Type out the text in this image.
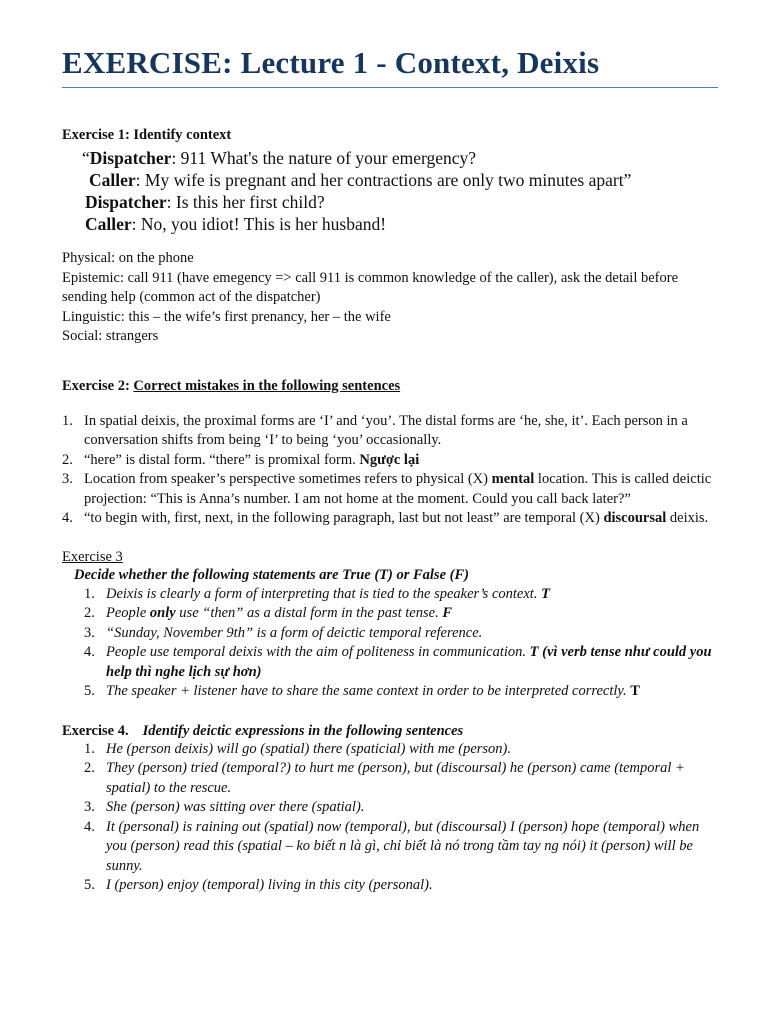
EXERCISE: Lecture 1 - Context, Deixis
Exercise 1: Identify context
“Dispatcher: 911 What's the nature of your emergency?
Caller: My wife is pregnant and her contractions are only two minutes apart”
Dispatcher: Is this her first child?
Caller: No, you idiot! This is her husband!
Physical: on the phone
Epistemic: call 911 (have emegency => call 911 is common knowledge of the caller), ask the detail before sending help (common act of the dispatcher)
Linguistic: this – the wife’s first prenancy, her – the wife
Social: strangers
Exercise 2: Correct mistakes in the following sentences
1. In spatial deixis, the proximal forms are ‘I’ and ‘you’. The distal forms are ‘he, she, it’. Each person in a conversation shifts from being ‘I’ to being ‘you’ occasionally.
2. “here” is distal form. “there” is promixal form. Ngược lại
3. Location from speaker’s perspective sometimes refers to physical (X) mental location. This is called deictic projection: “This is Anna’s number. I am not home at the moment. Could you call back later?”
4. “to begin with, first, next, in the following paragraph, last but not least” are temporal (X) discoursal deixis.
Exercise 3
Decide whether the following statements are True (T) or False (F)
1. Deixis is clearly a form of interpreting that is tied to the speaker’s context. T
2. People only use “then” as a distal form in the past tense. F
3. “Sunday, November 9th” is a form of deictic temporal reference.
4. People use temporal deixis with the aim of politeness in communication. T (vì verb tense như could you help thì nghe lịch sự hơn)
5. The speaker + listener have to share the same context in order to be interpreted correctly. T
Exercise 4. Identify deictic expressions in the following sentences
1. He (person deixis) will go (spatial) there (spaticial) with me (person).
2. They (person) tried (temporal?) to hurt me (person), but (discoursal) he (person) came (temporal + spatial) to the rescue.
3. She (person) was sitting over there (spatial).
4. It (personal) is raining out (spatial) now (temporal), but (discoursal) I (person) hope (temporal) when you (person) read this (spatial – ko biết n là gì, chỉ biết là nó trong tầm tay ng nói) it (person) will be sunny.
5. I (person) enjoy (temporal) living in this city (personal).
